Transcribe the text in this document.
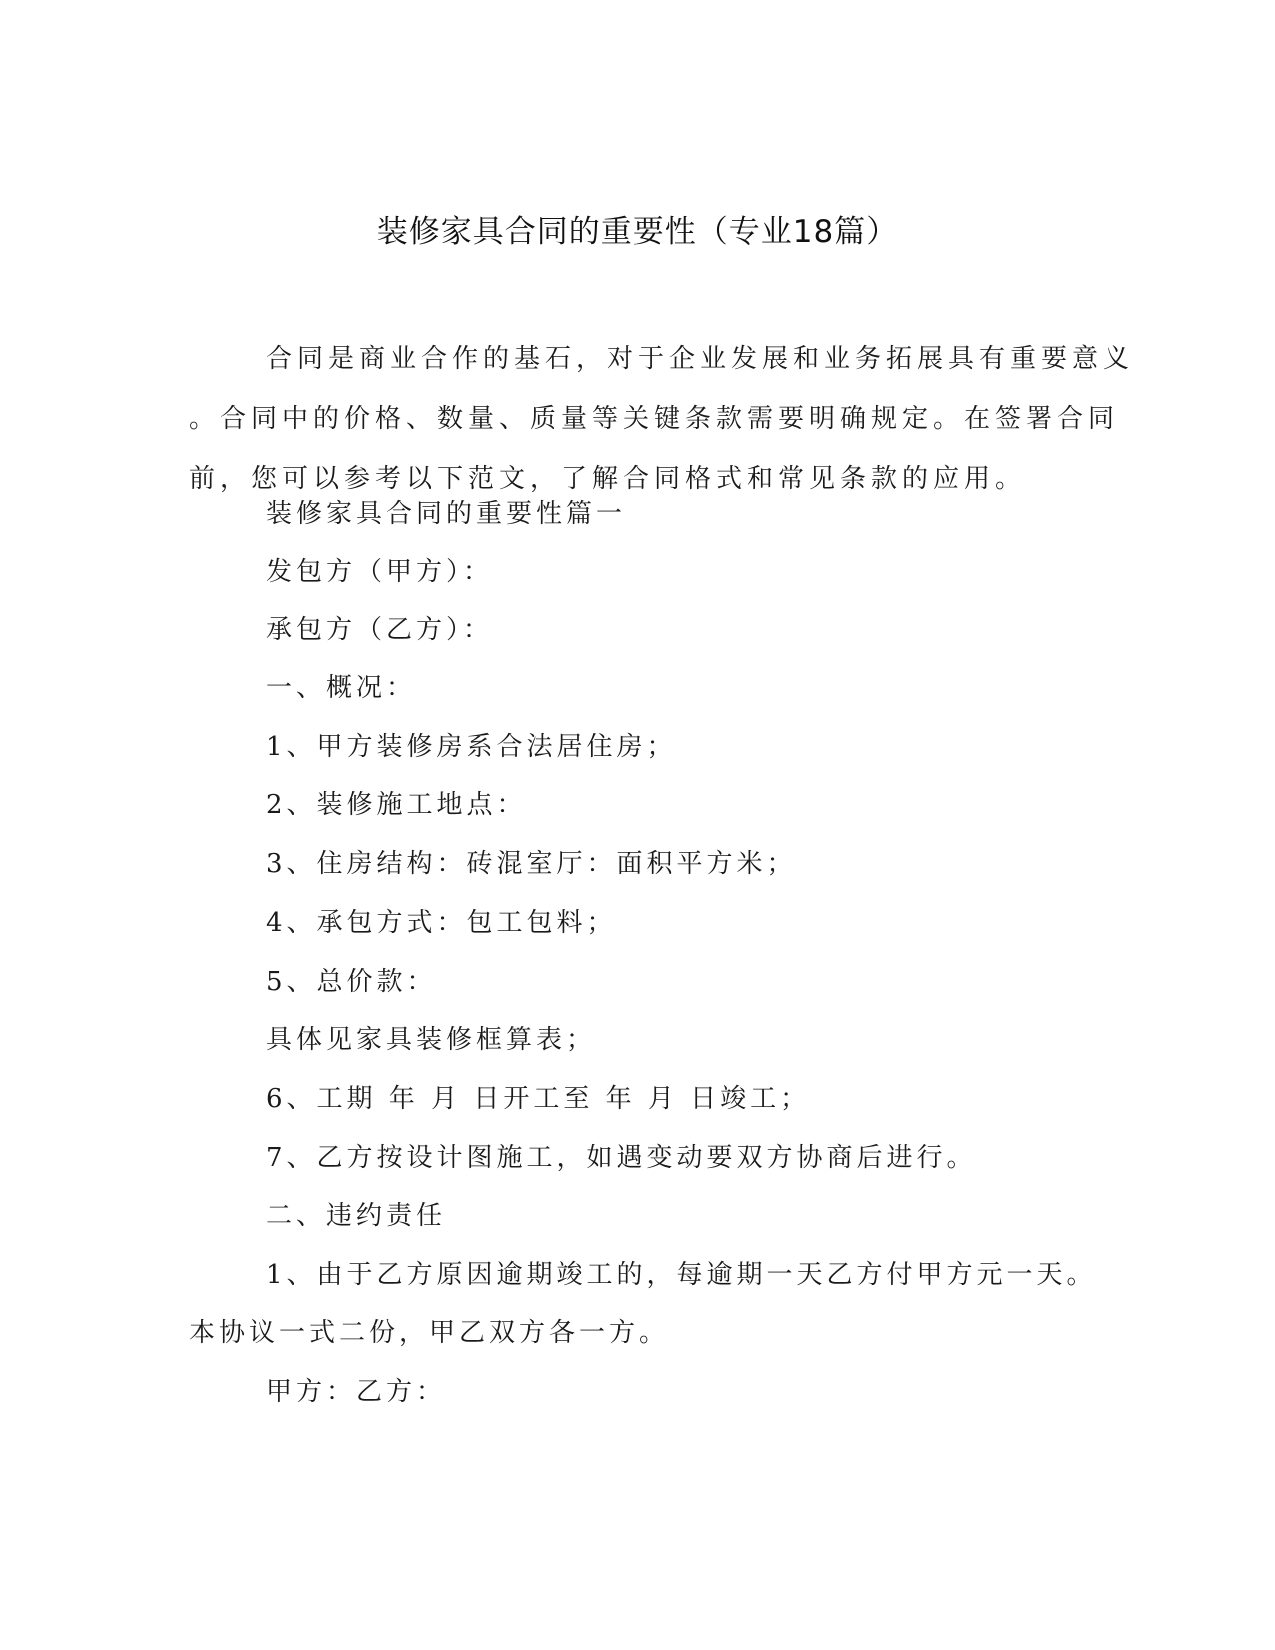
装修家具合同的重要性（专业18篇）

合同是商业合作的基石，对于企业发展和业务拓展具有重要意义

。合同中的价格、数量、质量等关键条款需要明确规定。在签署合同

前，您可以参考以下范文，了解合同格式和常见条款的应用。

装修家具合同的重要性篇一
发包方（甲方）：
承包方（乙方）：
一、概况：
1、甲方装修房系合法居住房；
2、装修施工地点：
3、住房结构：砖混室厅：面积平方米；
4、承包方式：包工包料；
5、总价款：
具体见家具装修框算表；
6、工期 年 月 日开工至 年 月 日竣工；
7、乙方按设计图施工，如遇变动要双方协商后进行。
二、违约责任
1、由于乙方原因逾期竣工的，每逾期一天乙方付甲方元一天。
本协议一式二份，甲乙双方各一方。
甲方：乙方：
